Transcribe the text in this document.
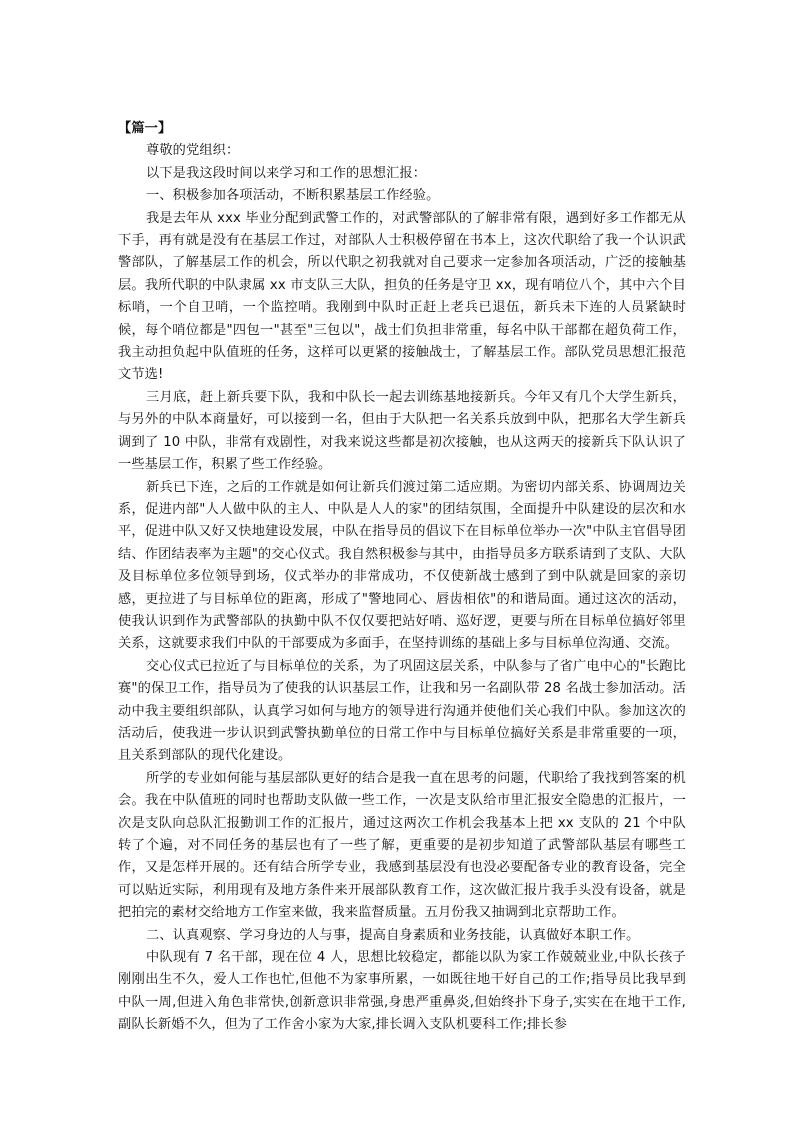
【篇一】

尊敬的党组织：

以下是我这段时间以来学习和工作的思想汇报：

一、积极参加各项活动，不断积累基层工作经验。

我是去年从 xxx 毕业分配到武警工作的，对武警部队的了解非常有限，遇到好多工作都无从下手，再有就是没有在基层工作过，对部队人士积极停留在书本上，这次代职给了我一个认识武警部队，了解基层工作的机会，所以代职之初我就对自己要求一定参加各项活动，广泛的接触基层。我所代职的中队隶属 xx 市支队三大队，担负的任务是守卫 xx，现有哨位八个，其中六个目标哨，一个自卫哨，一个监控哨。我刚到中队时正赶上老兵已退伍，新兵未下连的人员紧缺时候，每个哨位都是"四包一"甚至"三包以"，战士们负担非常重，每名中队干部都在超负荷工作，我主动担负起中队值班的任务，这样可以更紧的接触战士，了解基层工作。部队党员思想汇报范文节选!

三月底，赶上新兵要下队，我和中队长一起去训练基地接新兵。今年又有几个大学生新兵，与另外的中队本商量好，可以接到一名，但由于大队把一名关系兵放到中队，把那名大学生新兵调到了 10 中队，非常有戏剧性，对我来说这些都是初次接触，也从这两天的接新兵下队认识了一些基层工作，积累了些工作经验。

新兵已下连，之后的工作就是如何让新兵们渡过第二适应期。为密切内部关系、协调周边关系，促进内部"人人做中队的主人、中队是人人的家"的团结氛围，全面提升中队建设的层次和水平，促进中队又好又快地建设发展，中队在指导员的倡议下在目标单位举办一次"中队主官倡导团结、作团结表率为主题"的交心仪式。我自然积极参与其中，由指导员多方联系请到了支队、大队及目标单位多位领导到场，仪式举办的非常成功，不仅使新战士感到了到中队就是回家的亲切感，更拉进了与目标单位的距离，形成了"警地同心、唇齿相依"的和谐局面。通过这次的活动，使我认识到作为武警部队的执勤中队不仅仅要把站好哨、巡好逻，更要与所在目标单位搞好邻里关系，这就要求我们中队的干部要成为多面手，在坚持训练的基础上多与目标单位沟通、交流。

交心仪式已拉近了与目标单位的关系，为了巩固这层关系，中队参与了省广电中心的"长跑比赛"的保卫工作，指导员为了使我的认识基层工作，让我和另一名副队带 28 名战士参加活动。活动中我主要组织部队，认真学习如何与地方的领导进行沟通并使他们关心我们中队。参加这次的活动后，使我进一步认识到武警执勤单位的日常工作中与目标单位搞好关系是非常重要的一项，且关系到部队的现代化建设。

所学的专业如何能与基层部队更好的结合是我一直在思考的问题，代职给了我找到答案的机会。我在中队值班的同时也帮助支队做一些工作，一次是支队给市里汇报安全隐患的汇报片，一次是支队向总队汇报勤训工作的汇报片，通过这两次工作机会我基本上把 xx 支队的 21 个中队转了个遍，对不同任务的基层也有了一些了解，更重要的是初步知道了武警部队基层有哪些工作，又是怎样开展的。还有结合所学专业，我感到基层没有也没必要配备专业的教育设备，完全可以贴近实际，利用现有及地方条件来开展部队教育工作，这次做汇报片我手头没有设备，就是把拍完的素材交给地方工作室来做，我来监督质量。五月份我又抽调到北京帮助工作。

二、认真观察、学习身边的人与事，提高自身素质和业务技能，认真做好本职工作。

中队现有 7 名干部，现在位 4 人，思想比较稳定，都能以队为家工作兢兢业业,中队长孩子刚刚出生不久，爱人工作也忙,但他不为家事所累，一如既往地干好自己的工作;指导员比我早到中队一周,但进入角色非常快,创新意识非常强,身患严重鼻炎,但始终扑下身子,实实在在地干工作,副队长新婚不久，但为了工作舍小家为大家,排长调入支队机要科工作;排长参
